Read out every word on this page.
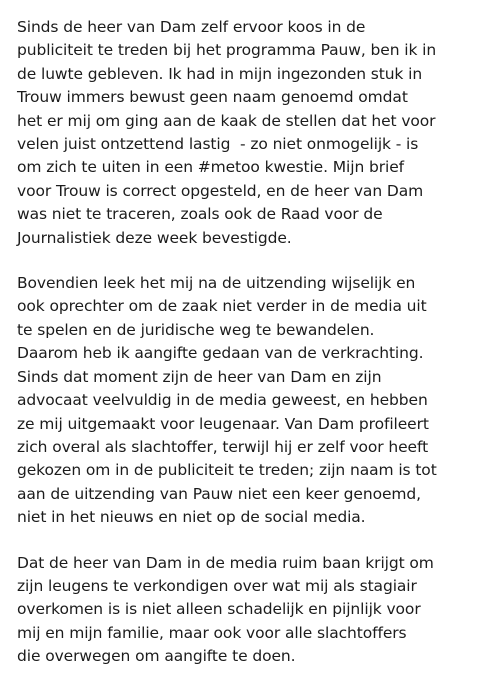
Sinds de heer van Dam zelf ervoor koos in de
publiciteit te treden bij het programma Pauw, ben ik in
de luwte gebleven. Ik had in mijn ingezonden stuk in
Trouw immers bewust geen naam genoemd omdat
het er mij om ging aan de kaak de stellen dat het voor
velen juist ontzettend lastig  - zo niet onmogelijk - is
om zich te uiten in een #metoo kwestie. Mijn brief
voor Trouw is correct opgesteld, en de heer van Dam
was niet te traceren, zoals ook de Raad voor de
Journalistiek deze week bevestigde.

Bovendien leek het mij na de uitzending wijselijk en
ook oprechter om de zaak niet verder in de media uit
te spelen en de juridische weg te bewandelen.
Daarom heb ik aangifte gedaan van de verkrachting.
Sinds dat moment zijn de heer van Dam en zijn
advocaat veelvuldig in de media geweest, en hebben
ze mij uitgemaakt voor leugenaar. Van Dam profileert
zich overal als slachtoffer, terwijl hij er zelf voor heeft
gekozen om in de publiciteit te treden; zijn naam is tot
aan de uitzending van Pauw niet een keer genoemd,
niet in het nieuws en niet op de social media.

Dat de heer van Dam in de media ruim baan krijgt om
zijn leugens te verkondigen over wat mij als stagiair
overkomen is is niet alleen schadelijk en pijnlijk voor
mij en mijn familie, maar ook voor alle slachtoffers
die overwegen om aangifte te doen.
